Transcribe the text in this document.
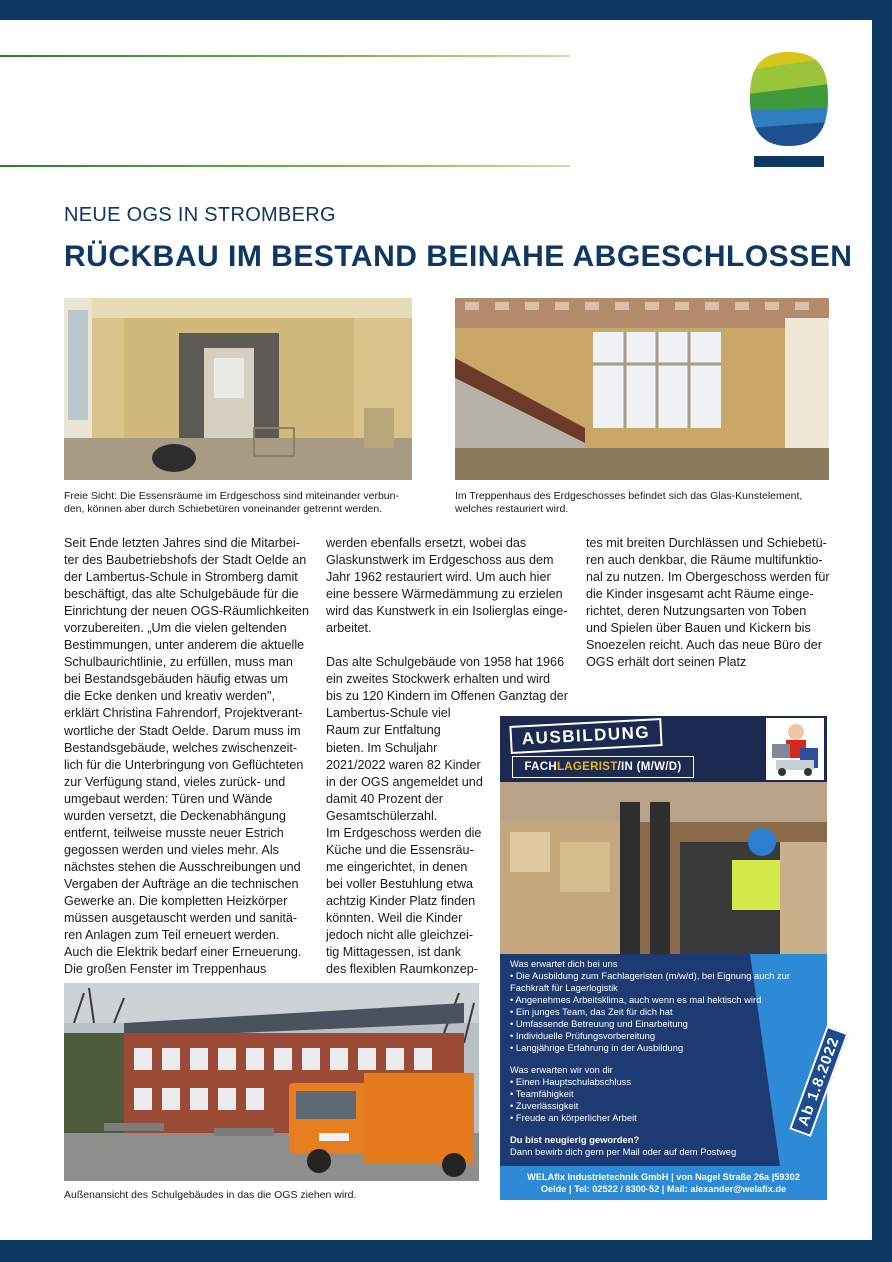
NEUE OGS IN STROMBERG
RÜCKBAU IM BESTAND BEINAHE ABGESCHLOSSEN
Freie Sicht: Die Essensräume im Erdgeschoss sind miteinander verbun-
den, können aber durch Schiebetüren voneinander getrennt werden.
Im Treppenhaus des Erdgeschosses befindet sich das Glas-Kunstelement,
welches restauriert wird.
Seit Ende letzten Jahres sind die Mitarbei-
ter des Baubetriebshofs der Stadt Oelde an
der Lambertus-Schule in Stromberg damit
beschäftigt, das alte Schulgebäude für die
Einrichtung der neuen OGS-Räumlichkeiten
vorzubereiten. „Um die vielen geltenden
Bestimmungen, unter anderem die aktuelle
Schulbaurichtlinie, zu erfüllen, muss man
bei Bestandsgebäuden häufig etwas um
die Ecke denken und kreativ werden",
erklärt Christina Fahrendorf, Projektverant-
wortliche der Stadt Oelde. Darum muss im
Bestandsgebäude, welches zwischenzeit-
lich für die Unterbringung von Geflüchteten
zur Verfügung stand, vieles zurück- und
umgebaut werden: Türen und Wände
wurden versetzt, die Deckenabhängung
entfernt, teilweise musste neuer Estrich
gegossen werden und vieles mehr. Als
nächstes stehen die Ausschreibungen und
Vergaben der Aufträge an die technischen
Gewerke an. Die kompletten Heizkörper
müssen ausgetauscht werden und sanitä-
ren Anlagen zum Teil erneuert werden.
Auch die Elektrik bedarf einer Erneuerung.
Die großen Fenster im Treppenhaus
werden ebenfalls ersetzt, wobei das
Glaskunstwerk im Erdgeschoss aus dem
Jahr 1962 restauriert wird. Um auch hier
eine bessere Wärmedämmung zu erzielen
wird das Kunstwerk in ein Isolierglas einge-
arbeitet.
Das alte Schulgebäude von 1958 hat 1966
ein zweites Stockwerk erhalten und wird
bis zu 120 Kindern im Offenen Ganztag der
Lambertus-Schule viel
Raum zur Entfaltung
bieten. Im Schuljahr
2021/2022 waren 82 Kinder
in der OGS angemeldet und
damit 40 Prozent der
Gesamtschülerzahl.
Im Erdgeschoss werden die
Küche und die Essensräu-
me eingerichtet, in denen
bei voller Bestuhlung etwa
achtzig Kinder Platz finden
könnten. Weil die Kinder
jedoch nicht alle gleichzei-
tig Mittagessen, ist dank
des flexiblen Raumkonzep-
tes mit breiten Durchlässen und Schiebetü-
ren auch denkbar, die Räume multifunktio-
nal zu nutzen. Im Obergeschoss werden für
die Kinder insgesamt acht Räume einge-
richtet, deren Nutzungsarten von Toben
und Spielen über Bauen und Kickern bis
Snoezelen reicht. Auch das neue Büro der
OGS erhält dort seinen Platz
Außenansicht des Schulgebäudes in das die OGS ziehen wird.
AUSBILDUNG
FACHLAGERIST/IN (M/W/D)
Was erwartet dich bei uns
• Die Ausbildung zum Fachlageristen (m/w/d), bei Eignung auch zur
Fachkraft für Lagerlogistik
• Angenehmes Arbeitsklima, auch wenn es mal hektisch wird
• Ein junges Team, das Zeit für dich hat
• Umfassende Betreuung und Einarbeitung
• Individuelle Prüfungsvorbereitung
• Langjährige Erfahrung in der Ausbildung
Was erwarten wir von dir
• Einen Hauptschulabschluss
• Teamfähigkeit
• Zuverlässigkeit
• Freude an körperlicher Arbeit
Du bist neugierig geworden?
Dann bewirb dich gern per Mail oder auf dem Postweg
Ab 1.8.2022
WELAfix Industrietechnik GmbH | von Nagel Straße 26a |59302
Oelde | Tel: 02522 / 8300-52 | Mail: alexander@welafix.de
